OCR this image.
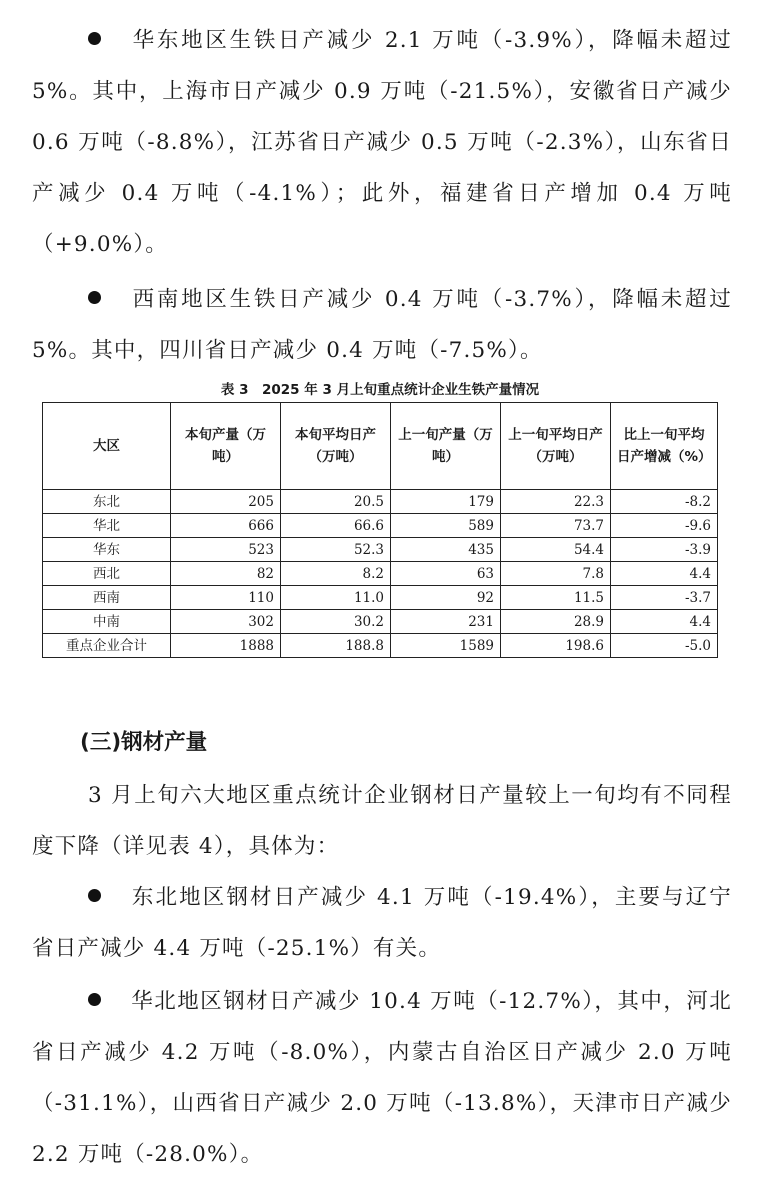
华东地区生铁日产减少 2.1 万吨（-3.9%），降幅未超过 5%。其中，上海市日产减少 0.9 万吨（-21.5%），安徽省日产减少 0.6 万吨（-8.8%），江苏省日产减少 0.5 万吨（-2.3%），山东省日产减少 0.4 万吨（-4.1%）；此外，福建省日产增加 0.4 万吨（+9.0%）。

西南地区生铁日产减少 0.4 万吨（-3.7%），降幅未超过 5%。其中，四川省日产减少 0.4 万吨（-7.5%）。

表 3　2025 年 3 月上旬重点统计企业生铁产量情况
大区	本旬产量（万吨）	本旬平均日产（万吨）	上一旬产量（万吨）	上一旬平均日产（万吨）	比上一旬平均日产增减（%）
东北	205	20.5	179	22.3	-8.2
华北	666	66.6	589	73.7	-9.6
华东	523	52.3	435	54.4	-3.9
西北	82	8.2	63	7.8	4.4
西南	110	11.0	92	11.5	-3.7
中南	302	30.2	231	28.9	4.4
重点企业合计	1888	188.8	1589	198.6	-5.0
(三)钢材产量

3 月上旬六大地区重点统计企业钢材日产量较上一旬均有不同程度下降（详见表 4），具体为：

东北地区钢材日产减少 4.1 万吨（-19.4%），主要与辽宁省日产减少 4.4 万吨（-25.1%）有关。

华北地区钢材日产减少 10.4 万吨（-12.7%），其中，河北省日产减少 4.2 万吨（-8.0%），内蒙古自治区日产减少 2.0 万吨（-31.1%），山西省日产减少 2.0 万吨（-13.8%），天津市日产减少 2.2 万吨（-28.0%）。
